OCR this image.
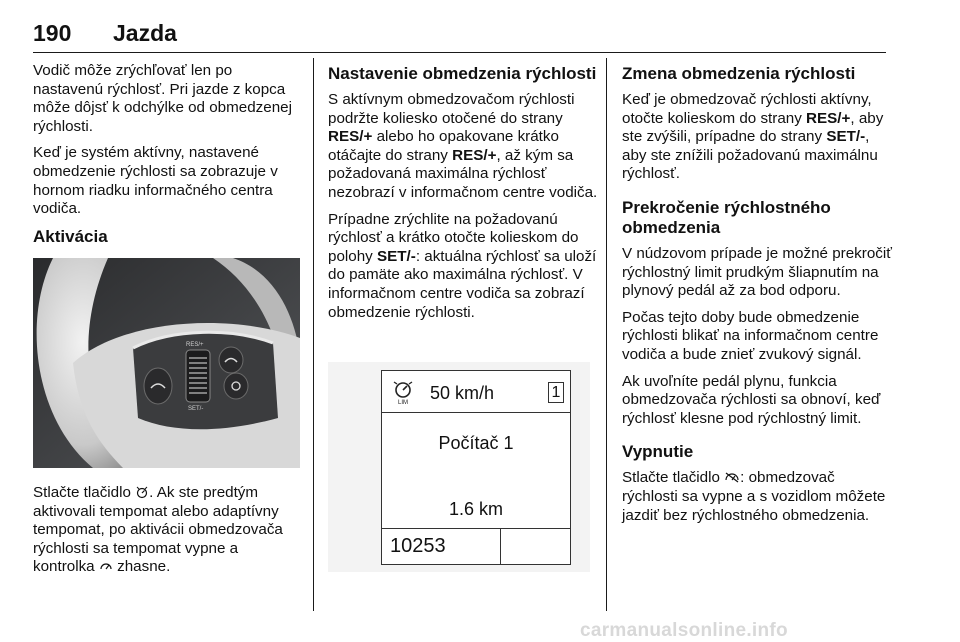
190 Jazda

Vodič môže zrýchľovať len po nastavenú rýchlosť. Pri jazde z kopca môže dôjsť k odchýlke od obmedzenej rýchlosti.

Keď je systém aktívny, nastavené obmedzenie rýchlosti sa zobrazuje v hornom riadku informačného centra vodiča.

Aktivácia
RES/+
SET/-

Stlačte tlačidlo . Ak ste predtým aktivovali tempomat alebo adaptívny tempomat, po aktivácii obmedzovača rýchlosti sa tempomat vypne a kontrolka zhasne.

Nastavenie obmedzenia rýchlosti

S aktívnym obmedzovačom rýchlosti podržte koliesko otočené do strany RES/+ alebo ho opakovane krátko otáčajte do strany RES/+, až kým sa požadovaná maximálna rýchlosť nezobrazí v informačnom centre vodiča.

Prípadne zrýchlite na požadovanú rýchlosť a krátko otočte kolieskom do polohy SET/-: aktuálna rýchlosť sa uloží do pamäte ako maximálna rýchlosť. V informačnom centre vodiča sa zobrazí obmedzenie rýchlosti.

LIM 50 km/h	1
Počítač 1
1.6 km
10253
Zmena obmedzenia rýchlosti

Keď je obmedzovač rýchlosti aktívny, otočte kolieskom do strany RES/+, aby ste zvýšili, prípadne do strany SET/-, aby ste znížili požadovanú maximálnu rýchlosť.

Prekročenie rýchlostného obmedzenia

V núdzovom prípade je možné prekročiť rýchlostný limit prudkým šliapnutím na plynový pedál až za bod odporu.

Počas tejto doby bude obmedzenie rýchlosti blikať na informačnom centre vodiča a bude znieť zvukový signál.

Ak uvoľníte pedál plynu, funkcia obmedzovača rýchlosti sa obnoví, keď rýchlosť klesne pod rýchlostný limit.

Vypnutie

Stlačte tlačidlo : obmedzovač rýchlosti sa vypne a s vozidlom môžete jazdiť bez rýchlostného obmedzenia.

carmanualsonline.info
